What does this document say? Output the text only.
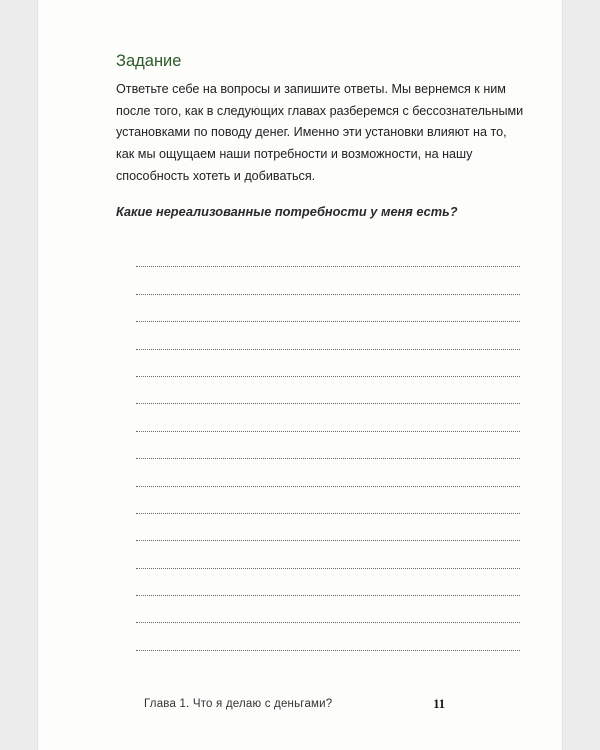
Задание
Ответьте себе на вопросы и запишите ответы. Мы вернемся к ним
после того, как в следующих главах разберемся с бессознательными
установками по поводу денег. Именно эти установки влияют на то,
как мы ощущаем наши потребности и возможности, на нашу
способность хотеть и добиваться.
Какие нереализованные потребности у меня есть?
Глава 1. Что я делаю с деньгами?	11
